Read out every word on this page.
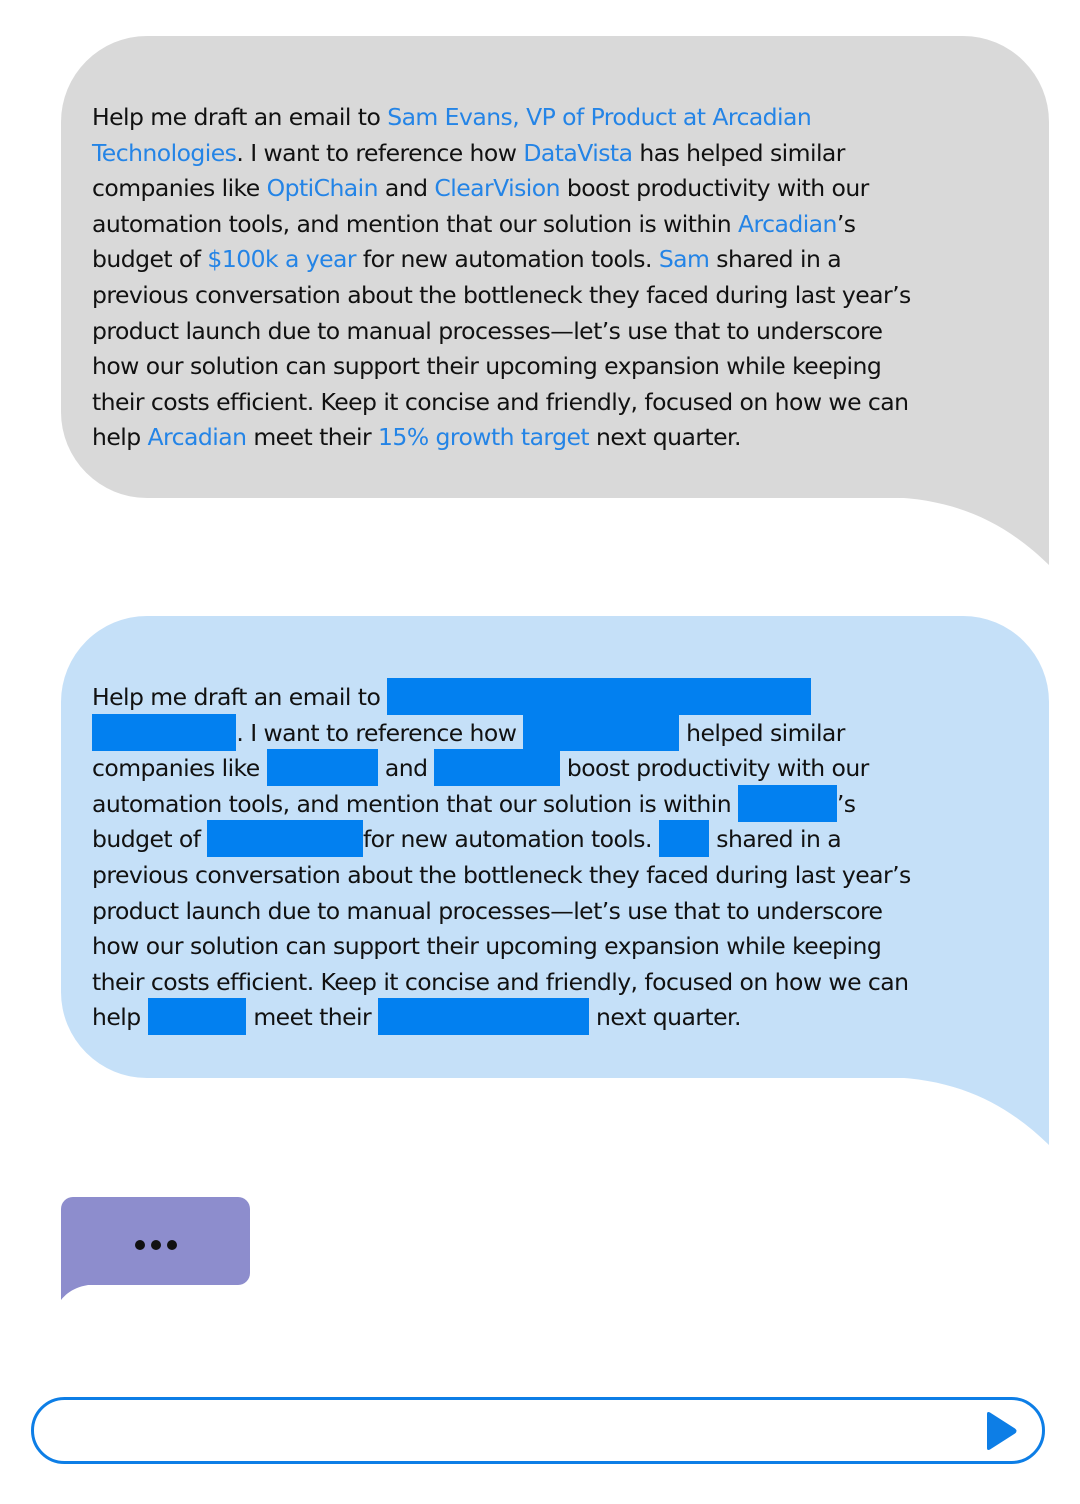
Help me draft an email to Sam Evans, VP of Product at Arcadian
Technologies. I want to reference how DataVista has helped similar
companies like OptiChain and ClearVision boost productivity with our
automation tools, and mention that our solution is within Arcadian’s
budget of $100k a year for new automation tools. Sam shared in a
previous conversation about the bottleneck they faced during last year’s
product launch due to manual processes—let’s use that to underscore
how our solution can support their upcoming expansion while keeping
their costs efficient. Keep it concise and friendly, focused on how we can
help Arcadian meet their 15% growth target next quarter.
Help me draft an email to
. I want to reference how	helped similar
companies like	and	boost productivity with our
automation tools, and mention that our solution is within	’s
budget of	for new automation tools. shared in a
previous conversation about the bottleneck they faced during last year’s
product launch due to manual processes—let’s use that to underscore
how our solution can support their upcoming expansion while keeping
their costs efficient. Keep it concise and friendly, focused on how we can
help	meet their	next quarter.
